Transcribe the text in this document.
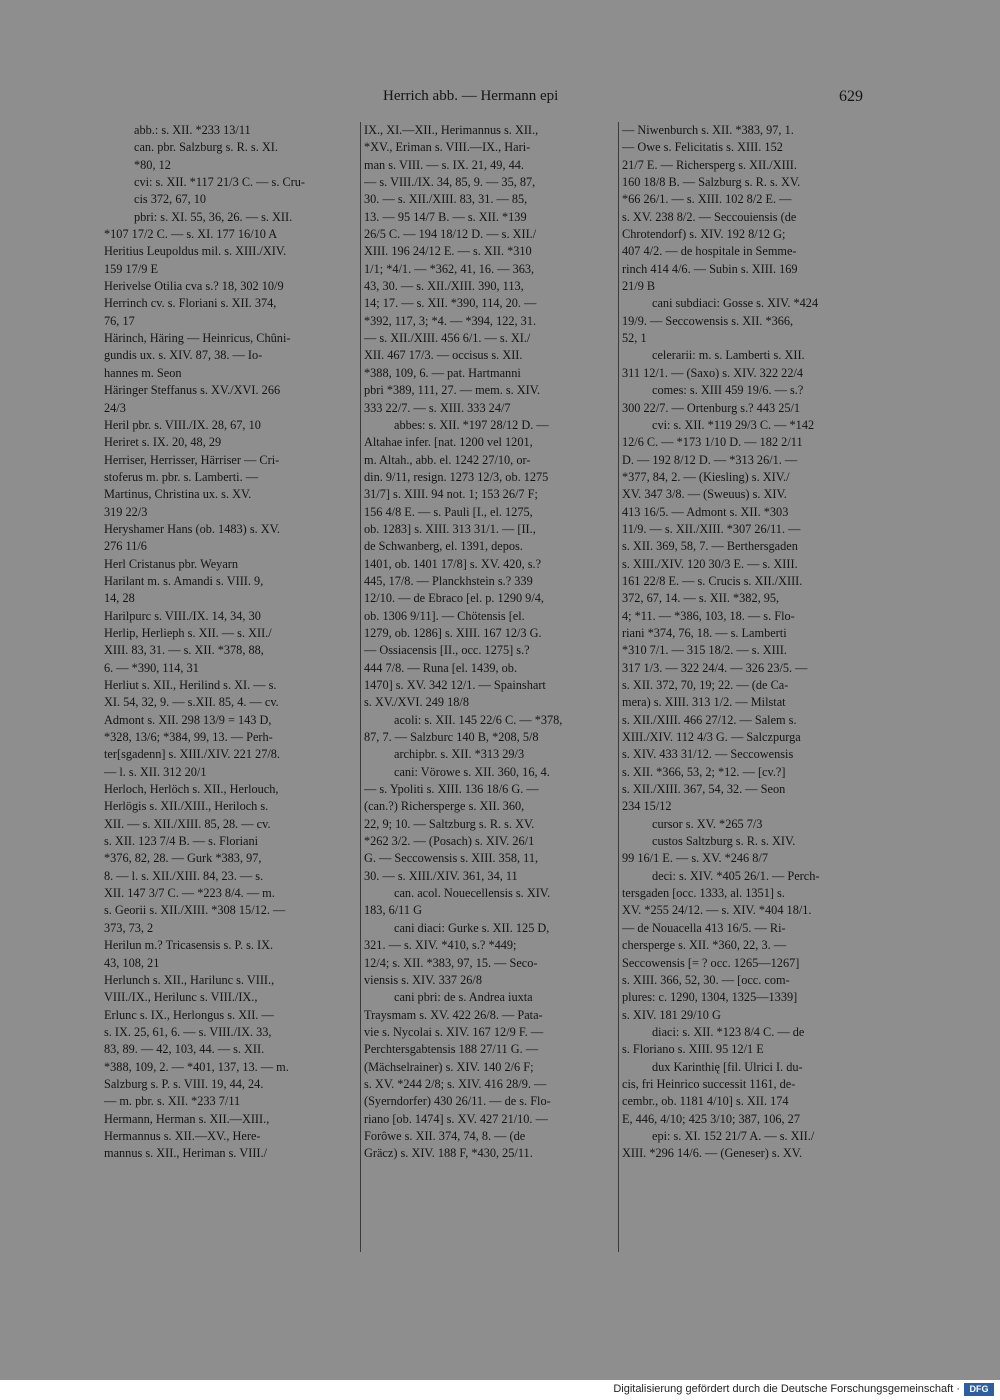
Herrich abb. — Hermann epi	629
abb.: s. XII. *233 13/11
can. pbr. Salzburg s. R. s. XI.
*80, 12
cvi: s. XII. *117 21/3 C. — s. Cru-
cis 372, 67, 10
pbri: s. XI. 55, 36, 26. — s. XII.
*107 17/2 C. — s. XI. 177 16/10 A
Heritius Leupoldus mil. s. XIII./XIV.
159 17/9 E
Herivelse Otilia cva s.? 18, 302 10/9
Herrinch cv. s. Floriani s. XII. 374,
76, 17
Härinch, Häring — Heinricus, Chûni-
gundis ux. s. XIV. 87, 38. — Io-
hannes m. Seon
Häringer Steffanus s. XV./XVI. 266
24/3
Heril pbr. s. VIII./IX. 28, 67, 10
Heriret s. IX. 20, 48, 29
Herriser, Herrisser, Härriser — Cri-
stoferus m. pbr. s. Lamberti. —
Martinus, Christina ux. s. XV.
319 22/3
Heryshamer Hans (ob. 1483) s. XV.
276 11/6
Herl Cristanus pbr. Weyarn
Harilant m. s. Amandi s. VIII. 9,
14, 28
Harilpurc s. VIII./IX. 14, 34, 30
Herlip, Herlieph s. XII. — s. XII./
XIII. 83, 31. — s. XII. *378, 88,
6. — *390, 114, 31
Herliut s. XII., Herilind s. XI. — s.
XI. 54, 32, 9. — s.XII. 85, 4. — cv.
Admont s. XII. 298 13/9 = 143 D,
*328, 13/6; *384, 99, 13. — Perh-
ter[sgadenn] s. XIII./XIV. 221 27/8.
— l. s. XII. 312 20/1
Herloch, Herlöch s. XII., Herlouch,
Herlögis s. XII./XIII., Heriloch s.
XII. — s. XII./XIII. 85, 28. — cv.
s. XII. 123 7/4 B. — s. Floriani
*376, 82, 28. — Gurk *383, 97,
8. — l. s. XII./XIII. 84, 23. — s.
XII. 147 3/7 C. — *223 8/4. — m.
s. Georii s. XII./XIII. *308 15/12. —
373, 73, 2
Herilun m.? Tricasensis s. P. s. IX.
43, 108, 21
Herlunch s. XII., Harilunc s. VIII.,
VIII./IX., Herilunc s. VIII./IX.,
Erlunc s. IX., Herlongus s. XII. —
s. IX. 25, 61, 6. — s. VIII./IX. 33,
83, 89. — 42, 103, 44. — s. XII.
*388, 109, 2. — *401, 137, 13. — m.
Salzburg s. P. s. VIII. 19, 44, 24.
— m. pbr. s. XII. *233 7/11
Hermann, Herman s. XII.—XIII.,
Hermannus s. XII.—XV., Here-
mannus s. XII., Heriman s. VIII./
IX., XI.—XII., Herimannus s. XII.,
*XV., Eriman s. VIII.—IX., Hari-
man s. VIII. — s. IX. 21, 49, 44.
— s. VIII./IX. 34, 85, 9. — 35, 87,
30. — s. XII./XIII. 83, 31. — 85,
13. — 95 14/7 B. — s. XII. *139
26/5 C. — 194 18/12 D. — s. XII./
XIII. 196 24/12 E. — s. XII. *310
1/1; *4/1. — *362, 41, 16. — 363,
43, 30. — s. XII./XIII. 390, 113,
14; 17. — s. XII. *390, 114, 20. —
*392, 117, 3; *4. — *394, 122, 31.
— s. XII./XIII. 456 6/1. — s. XI./
XII. 467 17/3. — occisus s. XII.
*388, 109, 6. — pat. Hartmanni
pbri *389, 111, 27. — mem. s. XIV.
333 22/7. — s. XIII. 333 24/7
abbes: s. XII. *197 28/12 D. —
Altahae infer. [nat. 1200 vel 1201,
m. Altah., abb. el. 1242 27/10, or-
din. 9/11, resign. 1273 12/3, ob. 1275
31/7] s. XIII. 94 not. 1; 153 26/7 F;
156 4/8 E. — s. Pauli [I., el. 1275,
ob. 1283] s. XIII. 313 31/1. — [II.,
de Schwanberg, el. 1391, depos.
1401, ob. 1401 17/8] s. XV. 420, s.?
445, 17/8. — Planckhstein s.? 339
12/10. — de Ebraco [el. p. 1290 9/4,
ob. 1306 9/11]. — Chötensis [el.
1279, ob. 1286] s. XIII. 167 12/3 G.
— Ossiacensis [II., occ. 1275] s.?
444 7/8. — Runa [el. 1439, ob.
1470] s. XV. 342 12/1. — Spainshart
s. XV./XVI. 249 18/8
acoli: s. XII. 145 22/6 C. — *378,
87, 7. — Salzburc 140 B, *208, 5/8
archipbr. s. XII. *313 29/3
cani: Vörowe s. XII. 360, 16, 4.
— s. Ypoliti s. XIII. 136 18/6 G. —
(can.?) Richersperge s. XII. 360,
22, 9; 10. — Saltzburg s. R. s. XV.
*262 3/2. — (Posach) s. XIV. 26/1
G. — Seccowensis s. XIII. 358, 11,
30. — s. XIII./XIV. 361, 34, 11
can. acol. Nouecellensis s. XIV.
183, 6/11 G
cani diaci: Gurke s. XII. 125 D,
321. — s. XIV. *410, s.? *449;
12/4; s. XII. *383, 97, 15. — Seco-
viensis s. XIV. 337 26/8
cani pbri: de s. Andrea iuxta
Traysmam s. XV. 422 26/8. — Pata-
vie s. Nycolai s. XIV. 167 12/9 F. —
Perchtersgabtensis 188 27/11 G. —
(Mächselrainer) s. XIV. 140 2/6 F;
s. XV. *244 2/8; s. XIV. 416 28/9. —
(Syerndorfer) 430 26/11. — de s. Flo-
riano [ob. 1474] s. XV. 427 21/10. —
Forôwe s. XII. 374, 74, 8. — (de
Gräcz) s. XIV. 188 F, *430, 25/11.
— Niwenburch s. XII. *383, 97, 1.
— Owe s. Felicitatis s. XIII. 152
21/7 E. — Richersperg s. XII./XIII.
160 18/8 B. — Salzburg s. R. s. XV.
*66 26/1. — s. XIII. 102 8/2 E. —
s. XV. 238 8/2. — Seccouiensis (de
Chrotendorf) s. XIV. 192 8/12 G;
407 4/2. — de hospitale in Semme-
rinch 414 4/6. — Subin s. XIII. 169
21/9 B
cani subdiaci: Gosse s. XIV. *424
19/9. — Seccowensis s. XII. *366,
52, 1
celerarii: m. s. Lamberti s. XII.
311 12/1. — (Saxo) s. XIV. 322 22/4
comes: s. XIII 459 19/6. — s.?
300 22/7. — Ortenburg s.? 443 25/1
cvi: s. XII. *119 29/3 C. — *142
12/6 C. — *173 1/10 D. — 182 2/11
D. — 192 8/12 D. — *313 26/1. —
*377, 84, 2. — (Kiesling) s. XIV./
XV. 347 3/8. — (Sweuus) s. XIV.
413 16/5. — Admont s. XII. *303
11/9. — s. XII./XIII. *307 26/11. —
s. XII. 369, 58, 7. — Berthersgaden
s. XIII./XIV. 120 30/3 E. — s. XIII.
161 22/8 E. — s. Crucis s. XII./XIII.
372, 67, 14. — s. XII. *382, 95,
4; *11. — *386, 103, 18. — s. Flo-
riani *374, 76, 18. — s. Lamberti
*310 7/1. — 315 18/2. — s. XIII.
317 1/3. — 322 24/4. — 326 23/5. —
s. XII. 372, 70, 19; 22. — (de Ca-
mera) s. XIII. 313 1/2. — Milstat
s. XII./XIII. 466 27/12. — Salem s.
XIII./XIV. 112 4/3 G. — Salczpurga
s. XIV. 433 31/12. — Seccowensis
s. XII. *366, 53, 2; *12. — [cv.?]
s. XII./XIII. 367, 54, 32. — Seon
234 15/12
cursor s. XV. *265 7/3
custos Saltzburg s. R. s. XIV.
99 16/1 E. — s. XV. *246 8/7
deci: s. XIV. *405 26/1. — Perch-
tersgaden [occ. 1333, al. 1351] s.
XV. *255 24/12. — s. XIV. *404 18/1.
— de Nouacella 413 16/5. — Ri-
chersperge s. XII. *360, 22, 3. —
Seccowensis [= ? occ. 1265—1267]
s. XIII. 366, 52, 30. — [occ. com-
plures: c. 1290, 1304, 1325—1339]
s. XIV. 181 29/10 G
diaci: s. XII. *123 8/4 C. — de
s. Floriano s. XIII. 95 12/1 E
dux Karinthię [fil. Ulrici I. du-
cis, fri Heinrico successit 1161, de-
cembr., ob. 1181 4/10] s. XII. 174
E, 446, 4/10; 425 3/10; 387, 106, 27
epi: s. XI. 152 21/7 A. — s. XII./
XIII. *296 14/6. — (Geneser) s. XV.
Digitalisierung gefördert durch die Deutsche Forschungsgemeinschaft ·	DFG
